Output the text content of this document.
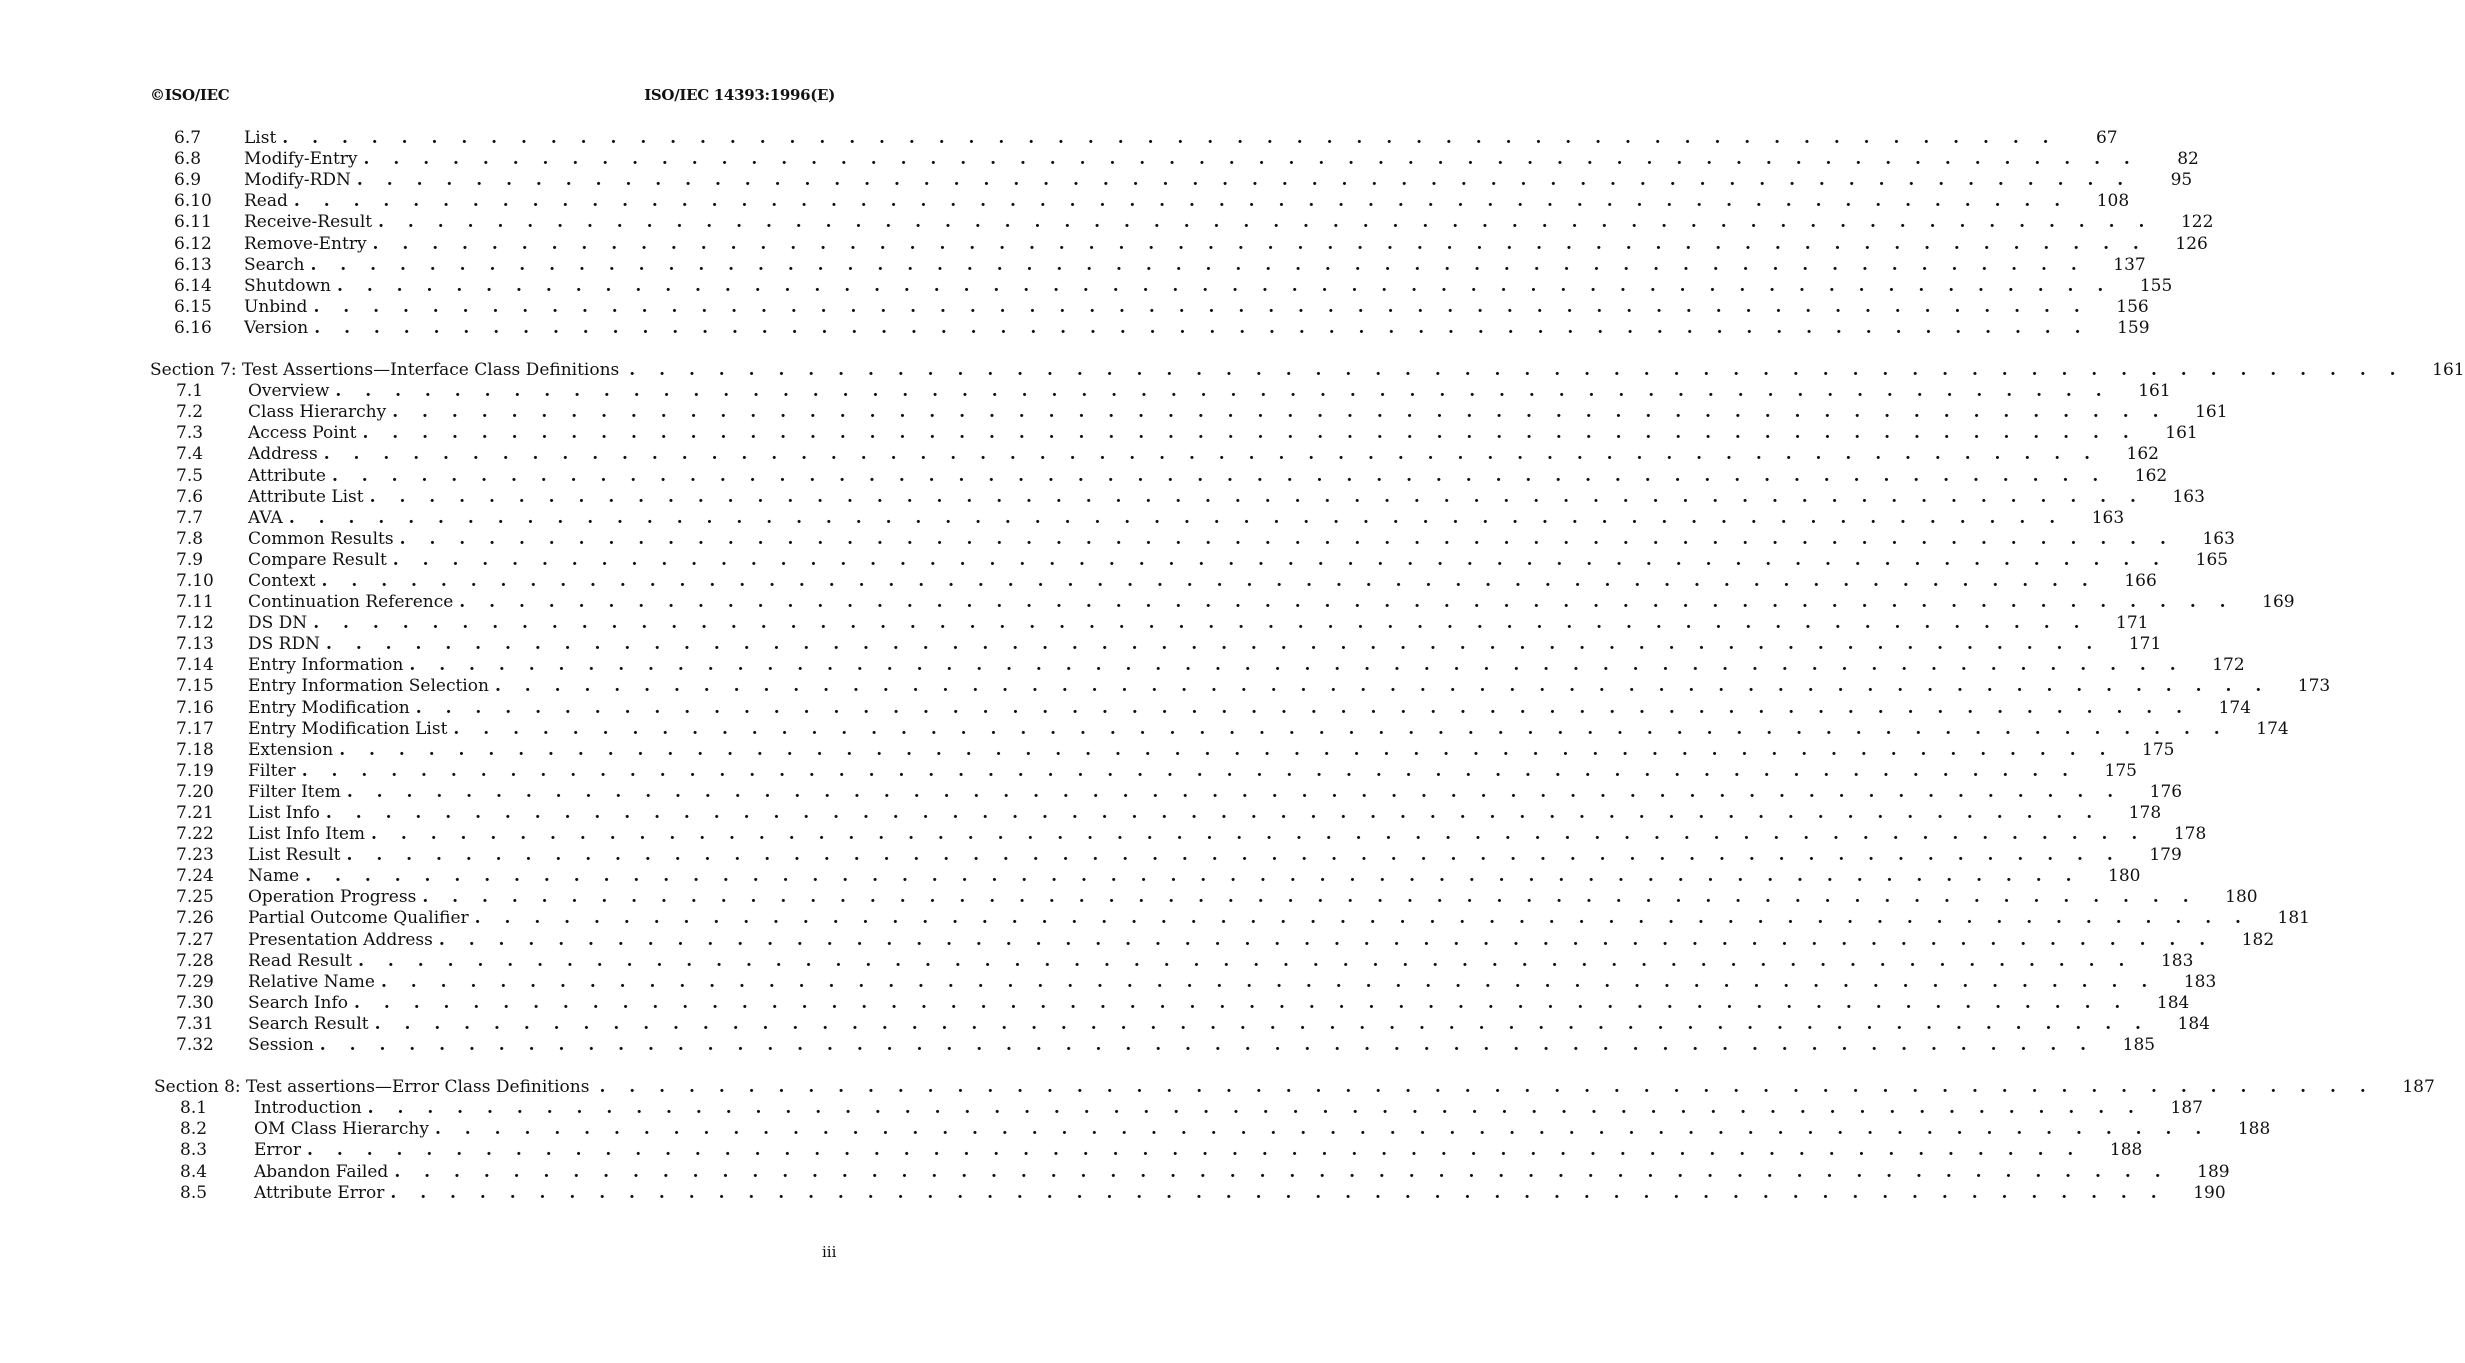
©ISO/IEC	ISO/IEC 14393:1996(E)
6.7	List . . . . . . . . . . . . . . . . . . . . . . . . . . . . . . . . . . . . . . . . . . . . . . . . . . . . . . . . . . . .	67
6.8	Modify-Entry . . . . . . . . . . . . . . . . . . . . . . . . . . . . . . . . . . . . . . . . . . . . . . . . . . . . . . . . . . . .	82
6.9	Modify-RDN . . . . . . . . . . . . . . . . . . . . . . . . . . . . . . . . . . . . . . . . . . . . . . . . . . . . . . . . . . . .	95
6.10	Read . . . . . . . . . . . . . . . . . . . . . . . . . . . . . . . . . . . . . . . . . . . . . . . . . . . . . . . . . . . .	108
6.11	Receive-Result . . . . . . . . . . . . . . . . . . . . . . . . . . . . . . . . . . . . . . . . . . . . . . . . . . . . . . . . . . . .	122
6.12	Remove-Entry . . . . . . . . . . . . . . . . . . . . . . . . . . . . . . . . . . . . . . . . . . . . . . . . . . . . . . . . . . . .	126
6.13	Search . . . . . . . . . . . . . . . . . . . . . . . . . . . . . . . . . . . . . . . . . . . . . . . . . . . . . . . . . . . .	137
6.14	Shutdown . . . . . . . . . . . . . . . . . . . . . . . . . . . . . . . . . . . . . . . . . . . . . . . . . . . . . . . . . . . .	155
6.15	Unbind . . . . . . . . . . . . . . . . . . . . . . . . . . . . . . . . . . . . . . . . . . . . . . . . . . . . . . . . . . . .	156
6.16	Version . . . . . . . . . . . . . . . . . . . . . . . . . . . . . . . . . . . . . . . . . . . . . . . . . . . . . . . . . . . .	159
Section 7: Test Assertions—Interface Class Definitions . . . . . . . . . . . . . . . . . . . . . . . . . . . . . . . . . . . . . . . . . . . . . . . . . . . . . . . . . . . .	161
7.1	Overview . . . . . . . . . . . . . . . . . . . . . . . . . . . . . . . . . . . . . . . . . . . . . . . . . . . . . . . . . . . .	161
7.2	Class Hierarchy . . . . . . . . . . . . . . . . . . . . . . . . . . . . . . . . . . . . . . . . . . . . . . . . . . . . . . . . . . . .	161
7.3	Access Point . . . . . . . . . . . . . . . . . . . . . . . . . . . . . . . . . . . . . . . . . . . . . . . . . . . . . . . . . . . .	161
7.4	Address . . . . . . . . . . . . . . . . . . . . . . . . . . . . . . . . . . . . . . . . . . . . . . . . . . . . . . . . . . . .	162
7.5	Attribute . . . . . . . . . . . . . . . . . . . . . . . . . . . . . . . . . . . . . . . . . . . . . . . . . . . . . . . . . . . .	162
7.6	Attribute List . . . . . . . . . . . . . . . . . . . . . . . . . . . . . . . . . . . . . . . . . . . . . . . . . . . . . . . . . . . .	163
7.7	AVA . . . . . . . . . . . . . . . . . . . . . . . . . . . . . . . . . . . . . . . . . . . . . . . . . . . . . . . . . . . .	163
7.8	Common Results . . . . . . . . . . . . . . . . . . . . . . . . . . . . . . . . . . . . . . . . . . . . . . . . . . . . . . . . . . . .	163
7.9	Compare Result . . . . . . . . . . . . . . . . . . . . . . . . . . . . . . . . . . . . . . . . . . . . . . . . . . . . . . . . . . . .	165
7.10	Context . . . . . . . . . . . . . . . . . . . . . . . . . . . . . . . . . . . . . . . . . . . . . . . . . . . . . . . . . . . .	166
7.11	Continuation Reference . . . . . . . . . . . . . . . . . . . . . . . . . . . . . . . . . . . . . . . . . . . . . . . . . . . . . . . . . . . .	169
7.12	DS DN . . . . . . . . . . . . . . . . . . . . . . . . . . . . . . . . . . . . . . . . . . . . . . . . . . . . . . . . . . . .	171
7.13	DS RDN . . . . . . . . . . . . . . . . . . . . . . . . . . . . . . . . . . . . . . . . . . . . . . . . . . . . . . . . . . . .	171
7.14	Entry Information . . . . . . . . . . . . . . . . . . . . . . . . . . . . . . . . . . . . . . . . . . . . . . . . . . . . . . . . . . . .	172
7.15	Entry Information Selection . . . . . . . . . . . . . . . . . . . . . . . . . . . . . . . . . . . . . . . . . . . . . . . . . . . . . . . . . . . .	173
7.16	Entry Modification . . . . . . . . . . . . . . . . . . . . . . . . . . . . . . . . . . . . . . . . . . . . . . . . . . . . . . . . . . . .	174
7.17	Entry Modification List . . . . . . . . . . . . . . . . . . . . . . . . . . . . . . . . . . . . . . . . . . . . . . . . . . . . . . . . . . . .	174
7.18	Extension . . . . . . . . . . . . . . . . . . . . . . . . . . . . . . . . . . . . . . . . . . . . . . . . . . . . . . . . . . . .	175
7.19	Filter . . . . . . . . . . . . . . . . . . . . . . . . . . . . . . . . . . . . . . . . . . . . . . . . . . . . . . . . . . . .	175
7.20	Filter Item . . . . . . . . . . . . . . . . . . . . . . . . . . . . . . . . . . . . . . . . . . . . . . . . . . . . . . . . . . . .	176
7.21	List Info . . . . . . . . . . . . . . . . . . . . . . . . . . . . . . . . . . . . . . . . . . . . . . . . . . . . . . . . . . . .	178
7.22	List Info Item . . . . . . . . . . . . . . . . . . . . . . . . . . . . . . . . . . . . . . . . . . . . . . . . . . . . . . . . . . . .	178
7.23	List Result . . . . . . . . . . . . . . . . . . . . . . . . . . . . . . . . . . . . . . . . . . . . . . . . . . . . . . . . . . . .	179
7.24	Name . . . . . . . . . . . . . . . . . . . . . . . . . . . . . . . . . . . . . . . . . . . . . . . . . . . . . . . . . . . .	180
7.25	Operation Progress . . . . . . . . . . . . . . . . . . . . . . . . . . . . . . . . . . . . . . . . . . . . . . . . . . . . . . . . . . . .	180
7.26	Partial Outcome Qualifier . . . . . . . . . . . . . . . . . . . . . . . . . . . . . . . . . . . . . . . . . . . . . . . . . . . . . . . . . . . .	181
7.27	Presentation Address . . . . . . . . . . . . . . . . . . . . . . . . . . . . . . . . . . . . . . . . . . . . . . . . . . . . . . . . . . . .	182
7.28	Read Result . . . . . . . . . . . . . . . . . . . . . . . . . . . . . . . . . . . . . . . . . . . . . . . . . . . . . . . . . . . .	183
7.29	Relative Name . . . . . . . . . . . . . . . . . . . . . . . . . . . . . . . . . . . . . . . . . . . . . . . . . . . . . . . . . . . .	183
7.30	Search Info . . . . . . . . . . . . . . . . . . . . . . . . . . . . . . . . . . . . . . . . . . . . . . . . . . . . . . . . . . . .	184
7.31	Search Result . . . . . . . . . . . . . . . . . . . . . . . . . . . . . . . . . . . . . . . . . . . . . . . . . . . . . . . . . . . .	184
7.32	Session . . . . . . . . . . . . . . . . . . . . . . . . . . . . . . . . . . . . . . . . . . . . . . . . . . . . . . . . . . . .	185
Section 8: Test assertions—Error Class Definitions . . . . . . . . . . . . . . . . . . . . . . . . . . . . . . . . . . . . . . . . . . . . . . . . . . . . . . . . . . . .	187
8.1	Introduction . . . . . . . . . . . . . . . . . . . . . . . . . . . . . . . . . . . . . . . . . . . . . . . . . . . . . . . . . . . .	187
8.2	OM Class Hierarchy . . . . . . . . . . . . . . . . . . . . . . . . . . . . . . . . . . . . . . . . . . . . . . . . . . . . . . . . . . . .	188
8.3	Error . . . . . . . . . . . . . . . . . . . . . . . . . . . . . . . . . . . . . . . . . . . . . . . . . . . . . . . . . . . .	188
8.4	Abandon Failed . . . . . . . . . . . . . . . . . . . . . . . . . . . . . . . . . . . . . . . . . . . . . . . . . . . . . . . . . . . .	189
8.5	Attribute Error . . . . . . . . . . . . . . . . . . . . . . . . . . . . . . . . . . . . . . . . . . . . . . . . . . . . . . . . . . . .	190
iii
